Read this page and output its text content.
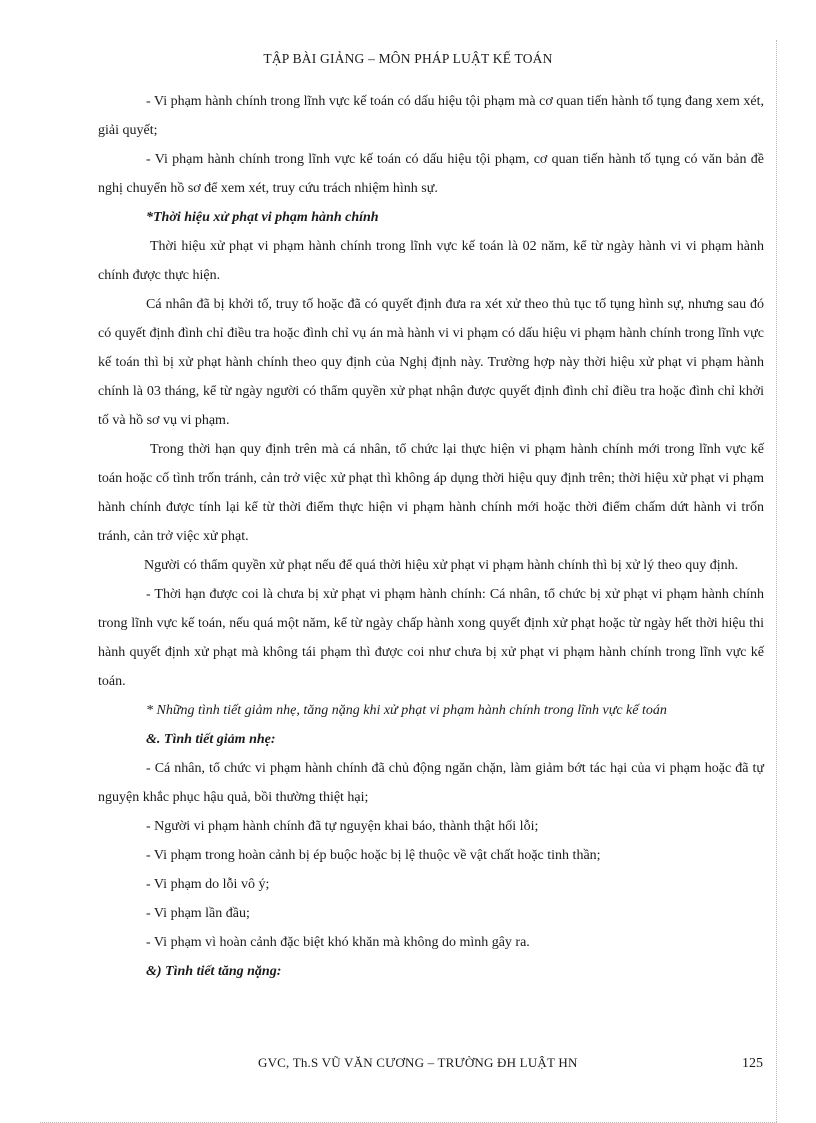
TẬP BÀI GIẢNG – MÔN PHÁP LUẬT KẾ TOÁN

- Vi phạm hành chính trong lĩnh vực kế toán có dấu hiệu tội phạm mà cơ quan tiến hành tố tụng đang xem xét, giải quyết;

- Vi phạm hành chính trong lĩnh vực kế toán có dấu hiệu tội phạm, cơ quan tiến hành tố tụng có văn bản đề nghị chuyển hồ sơ để xem xét, truy cứu trách nhiệm hình sự.

*Thời hiệu xử phạt vi phạm hành chính

Thời hiệu xử phạt vi phạm hành chính trong lĩnh vực kế toán là 02 năm, kể từ ngày hành vi vi phạm hành chính được thực hiện.

Cá nhân đã bị khởi tố, truy tố hoặc đã có quyết định đưa ra xét xử theo thủ tục tố tụng hình sự, nhưng sau đó có quyết định đình chỉ điều tra hoặc đình chỉ vụ án mà hành vi vi phạm có dấu hiệu vi phạm hành chính trong lĩnh vực kế toán thì bị xử phạt hành chính theo quy định của Nghị định này. Trường hợp này thời hiệu xử phạt vi phạm hành chính là 03 tháng, kể từ ngày người có thẩm quyền xử phạt nhận được quyết định đình chỉ điều tra hoặc đình chỉ khởi tố và hồ sơ vụ vi phạm.

Trong thời hạn quy định trên mà cá nhân, tổ chức lại thực hiện vi phạm hành chính mới trong lĩnh vực kế toán hoặc cố tình trốn tránh, cản trở việc xử phạt thì không áp dụng thời hiệu quy định trên; thời hiệu xử phạt vi phạm hành chính được tính lại kể từ thời điểm thực hiện vi phạm hành chính mới hoặc thời điểm chấm dứt hành vi trốn tránh, cản trở việc xử phạt.

Người có thẩm quyền xử phạt nếu để quá thời hiệu xử phạt vi phạm hành chính thì bị xử lý theo quy định.

- Thời hạn được coi là chưa bị xử phạt vi phạm hành chính: Cá nhân, tổ chức bị xử phạt vi phạm hành chính trong lĩnh vực kế toán, nếu quá một năm, kể từ ngày chấp hành xong quyết định xử phạt hoặc từ ngày hết thời hiệu thi hành quyết định xử phạt mà không tái phạm thì được coi như chưa bị xử phạt vi phạm hành chính trong lĩnh vực kế toán.

* Những tình tiết giảm nhẹ, tăng nặng khi xử phạt vi phạm hành chính trong lĩnh vực kế toán

&. Tình tiết giảm nhẹ:

- Cá nhân, tổ chức vi phạm hành chính đã chủ động ngăn chặn, làm giảm bớt tác hại của vi phạm hoặc đã tự nguyện khắc phục hậu quả, bồi thường thiệt hại;

- Người vi phạm hành chính đã tự nguyện khai báo, thành thật hối lỗi;

- Vi phạm trong hoàn cảnh bị ép buộc hoặc bị lệ thuộc về vật chất hoặc tinh thần;

- Vi phạm do lỗi vô ý;

- Vi phạm lần đầu;

- Vi phạm vì hoàn cảnh đặc biệt khó khăn mà không do mình gây ra.

&) Tình tiết tăng nặng:

GVC, Th.S VŨ VĂN CƯƠNG – TRƯỜNG ĐH LUẬT HN	125
